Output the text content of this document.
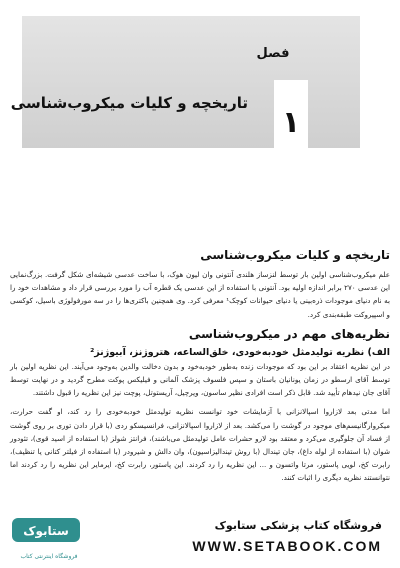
فصل
۱
تاریخچه و کلیات میکروب‌شناسی
تاریخچه و کلیات میکروب‌شناسی

علم میکروب‌شناسی اولین بار توسط لنزساز هلندی آنتونی وان لیون هوک، با ساخت عدسی شیشه‌ای شکل گرفت. بزرگ‌نمایی این عدسی ۲۷۰ برابر اندازه اولیه بود. آنتونی با استفاده از این عدسی یک قطره آب را مورد بررسی قرار داد و مشاهدات خود را به نام دنیای موجودات ذره‌بینی یا دنیای حیوانات کوچک¹ معرفی کرد. وی همچنین باکتری‌ها را در سه مورفولوژی باسیل، کوکسی و اسپیروکت طبقه‌بندی کرد.

نظریه‌های مهم در میکروب‌شناسی
الف) نظریه تولیدمثل خودبه‌خودی، خلق‌الساعه، هتروژنز، آبیوژنز²

در این نظریه اعتقاد بر این بود که موجودات زنده به‌طور خودبه‌خود و بدون دخالت والدین به‌وجود می‌آیند. این نظریه اولین بار توسط آقای ارسطو در زمان یونانیان باستان و سپس فلسوف پزشک آلمانی و فیلیکس پوکت مطرح گردید و در نهایت توسط آقای جان نیدهام تأیید شد. قابل ذکر است افرادی نظیر ساسون، ویرچیل، آریستوتل، پوچت نیز این نظریه را قبول داشتند.

اما مدتی بعد لازاروا اسپالانزانی با آزمایشات خود توانست نظریه تولیدمثل خودبه‌خودی را رد کند، او گفت حرارت، میکروارگانیسم‌های موجود در گوشت را می‌کشد. بعد از لازاروا اسپالانزانی، فرانسیسکو ردی (با قرار دادن توری بر روی گوشت از فساد آن جلوگیری می‌کرد و معتقد بود لارو حشرات عامل تولیدمثل می‌باشند)، فرانتز شولز (با استفاده از اسید قوی)، تئودور شوان (با استفاده از لوله داغ)، جان تیندال (با روش تیندالیزاسیون)، وان دالش و شیرودر (با استفاده از فیلتر کتانی یا تنظیف)، رابرت کخ، لویی پاستور، مرتا واتسون و ... این نظریه را رد کردند. این پاستور، رابرت کخ، ایرمایر این نظریه را رد کردند اما نتوانستند نظریه دیگری را اثبات کنند.

ستابوک
فروشگاه اینترنتی کتاب
فروشگاه کتاب پزشکی ستابوک
WWW.SETABOOK.COM
